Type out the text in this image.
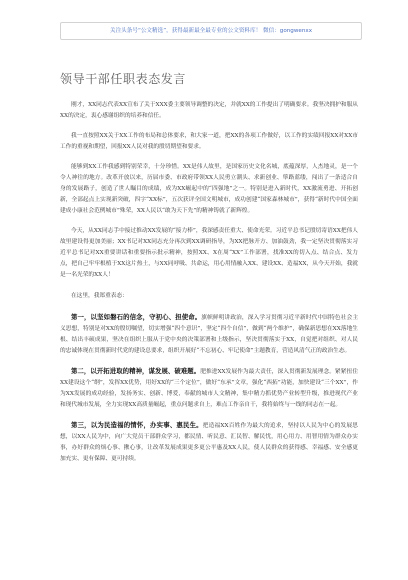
关注头条号“公文精选”，获得最新最全最专业的公文资料库！ 微信：gongwenxx
领导干部任职表态发言

刚才，XX同志代表XX宣布了关于XXX委主要领导调整的决定，并就XX的工作提出了明确要求。我坚决拥护和服从XX的决定，衷心感谢组织的培养和信任。

我一直按照XX关于XX工作的布局和总体要求，和大家一道，把XX的各项工作做好，以工作的实绩回报XX对XX市工作的重视和期望，回报XX人民对我的殷切期望和要求。

能够到XX工作我感到特别荣幸，十分珍惜。XX是伟人故里，是国家历史文化名城，底蕴深厚，人杰地灵，是一个令人神往的地方。改革开放以来，历届市委、市政府带领XX人民勇立潮头、求新创业、筚路蓝缕，闯出了一条适合自身的发展路子，创造了世人瞩目的成绩，成为XX崛起中的“四强地”之一。特别是进入新时代，XX激流勇进、开拓创新，全部起点上实现新突破，四字“XX标”，五次获评全国文明城市，成功创建“国家森林城市”，获得“新时代中国全面建成小康社会范例城市”殊荣，XX人民以“敢为天下先”的精神铸就了新辉煌。

今天，从XX同志手中接过推动XX发展的“接力棒”，我深感责任重大、使命光荣。习近平总书记殷切寄语XX把伟人故里建设得更加美丽；XX书记对XX同志充分再次到XX调研指导，为XX把脉开方、加油鼓劲，我一定坚决贯彻落实习近平总书记对XX重要讲话和重要指示批示精神，按照XX、X在周“XX”工作部署，找准XX的切入点、结合点、发力点，把自己牢牢根植于XX这片热土，与XX同呼吸、共命运，用心用情融入XX、建设XX、造福XX，从今天开始，我就是一名光荣的XX人！

在这里，我郑重表态：

第一，以坚如磐石的信念，守初心、担使命。旗帜鲜明讲政治，深入学习贯彻习近平新时代中国特色社会主义思想，特别是对XX的殷切嘱望，切实增强“四个意识”，坚定“四个自信”，做到“两个维护”，确保新思想在XX落地生根、结出丰硕成果，坚决在组织上服从于党中央的决策部署和上级指示，坚决贯彻落实于XX，自觉把对组织、对人民的忠诚体现在贯彻新时代党的建设总要求，组织开展好“不忘初心、牢记使命”主题教育，营造风清气正的政治生态。

第二，以开拓进取的精神，谋发展、破难题。肥推进XX发展作为最大责任，深入贯彻新发展理念。紧紧扭住XX建设这个“纲”，发挥XX优势，用好XX的“三个定位”，做好“东承”文章，强化“西拓”功能，加快建设“三个XX”，作为XX发展的成功经验，发扬务实、创新、博爱，奉献的城市人文精神，集中精力抓优势产业转型升级，推进现代产业和现代城市发展，全力实现XX高质量崛起，重点问题求自上，难点工作亲自干，我将始终与一线的同志在一起。

第三，以为民造福的情怀，办实事、惠民生。把造福XX百姓作为最大的追求，坚持以人民为中心的发展思想，以XX人民为中，向广大党员干部群众学习，都民情、听民意、汇民智、解民忧，用心用力、用智用情为群众办实事，办好群众的烦心事、揪心事，让改革发展成果更多更公平惠及XX人民，使人民群众的获得感、幸福感、安全感更加充实、更有保障、更可持续。
